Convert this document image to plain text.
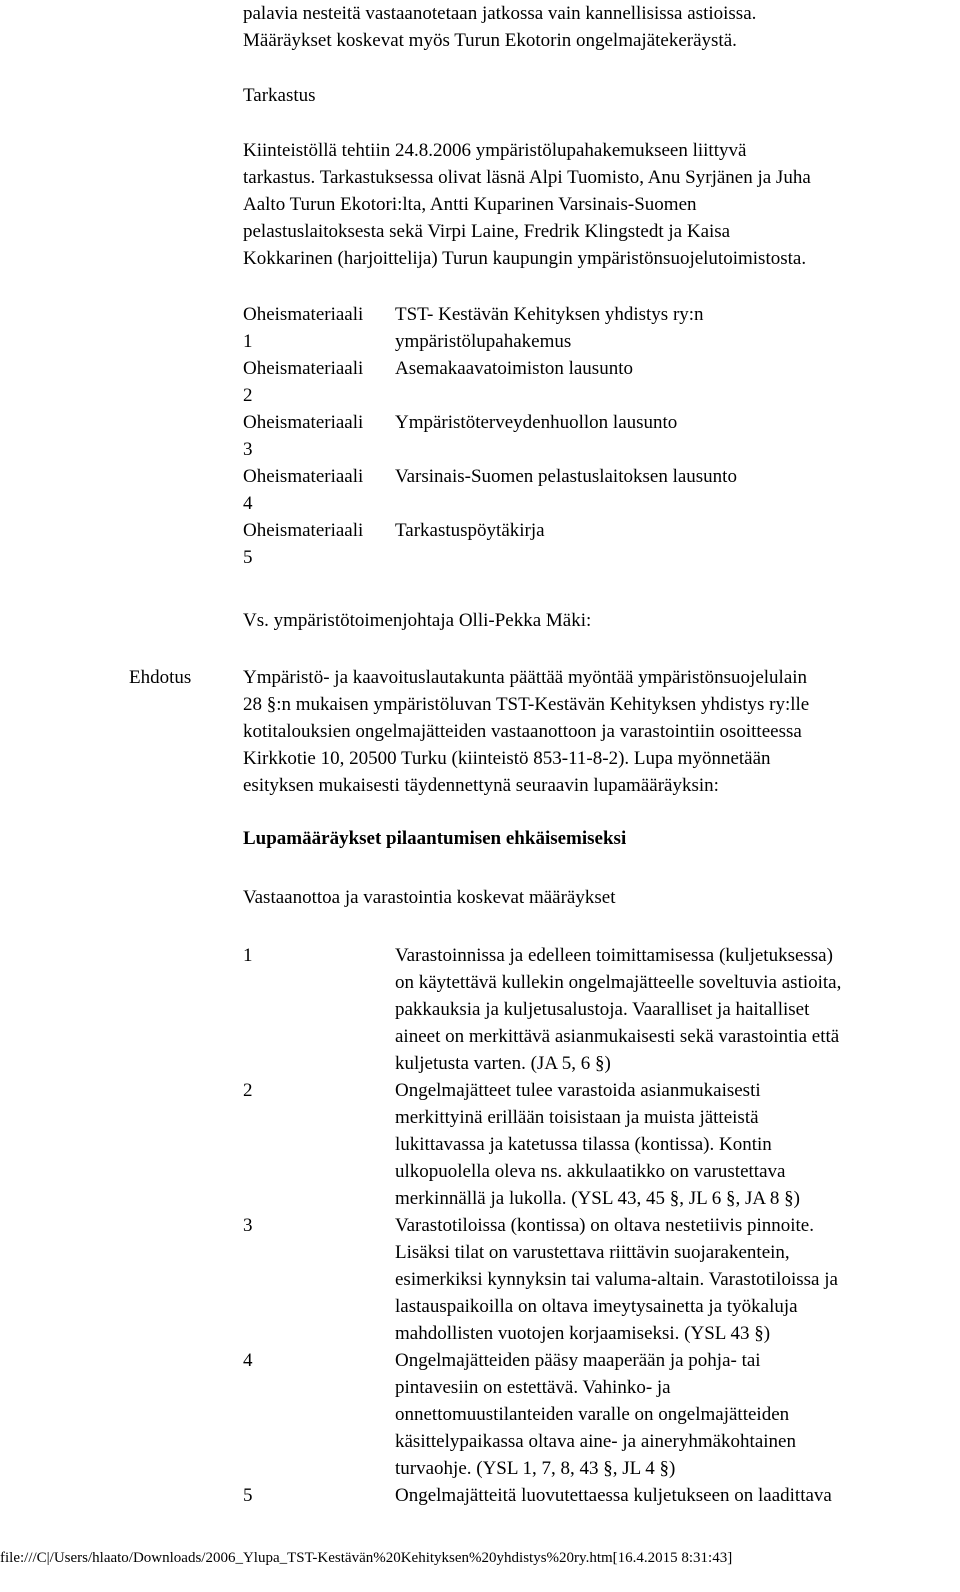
palavia nesteitä vastaanotetaan jatkossa vain kannellisissa astioissa.
Määräykset koskevat myös Turun Ekotorin ongelmajätekeräystä.

Tarkastus

Kiinteistöllä tehtiin 24.8.2006 ympäristölupahakemukseen liittyvä
tarkastus. Tarkastuksessa olivat läsnä Alpi Tuomisto, Anu Syrjänen ja Juha
Aalto Turun Ekotori:lta, Antti Kuparinen Varsinais-Suomen
pelastuslaitoksesta sekä Virpi Laine, Fredrik Klingstedt ja Kaisa
Kokkarinen (harjoittelija) Turun kaupungin ympäristönsuojelutoimistosta.

Oheismateriaali	TST- Kestävän Kehityksen yhdistys ry:n
1	ympäristölupahakemus
Oheismateriaali	Asemakaavatoimiston lausunto
2
Oheismateriaali	Ympäristöterveydenhuollon lausunto
3
Oheismateriaali	Varsinais-Suomen pelastuslaitoksen lausunto
4
Oheismateriaali	Tarkastuspöytäkirja
5

Vs. ympäristötoimenjohtaja Olli-Pekka Mäki:

Ehdotus	Ympäristö- ja kaavoituslautakunta päättää myöntää ympäristönsuojelulain
28 §:n mukaisen ympäristöluvan TST-Kestävän Kehityksen yhdistys ry:lle
kotitalouksien ongelmajätteiden vastaanottoon ja varastointiin osoitteessa
Kirkkotie 10, 20500 Turku (kiinteistö 853-11-8-2). Lupa myönnetään
esityksen mukaisesti täydennettynä seuraavin lupamääräyksin:

Lupamääräykset pilaantumisen ehkäisemiseksi

Vastaanottoa ja varastointia koskevat määräykset

1	Varastoinnissa ja edelleen toimittamisessa (kuljetuksessa)
on käytettävä kullekin ongelmajätteelle soveltuvia astioita,
pakkauksia ja kuljetusalustoja. Vaaralliset ja haitalliset
aineet on merkittävä asianmukaisesti sekä varastointia että
kuljetusta varten. (JA 5, 6 §)
2	Ongelmajätteet tulee varastoida asianmukaisesti
merkittyinä erillään toisistaan ja muista jätteistä
lukittavassa ja katetussa tilassa (kontissa). Kontin
ulkopuolella oleva ns. akkulaatikko on varustettava
merkinnällä ja lukolla. (YSL 43, 45 §, JL 6 §, JA 8 §)
3	Varastotiloissa (kontissa) on oltava nestetiivis pinnoite.
Lisäksi tilat on varustettava riittävin suojarakentein,
esimerkiksi kynnyksin tai valuma-altain. Varastotiloissa ja
lastauspaikoilla on oltava imeytysainetta ja työkaluja
mahdollisten vuotojen korjaamiseksi. (YSL 43 §)
4	Ongelmajätteiden pääsy maaperään ja pohja- tai
pintavesiin on estettävä. Vahinko- ja
onnettomuustilanteiden varalle on ongelmajätteiden
käsittelypaikassa oltava aine- ja aineryhmäkohtainen
turvaohje. (YSL 1, 7, 8, 43 §, JL 4 §)
5	Ongelmajätteitä luovutettaessa kuljetukseen on laadittava
file:///C|/Users/hlaato/Downloads/2006_Ylupa_TST-Kestävän%20Kehityksen%20yhdistys%20ry.htm[16.4.2015 8:31:43]
